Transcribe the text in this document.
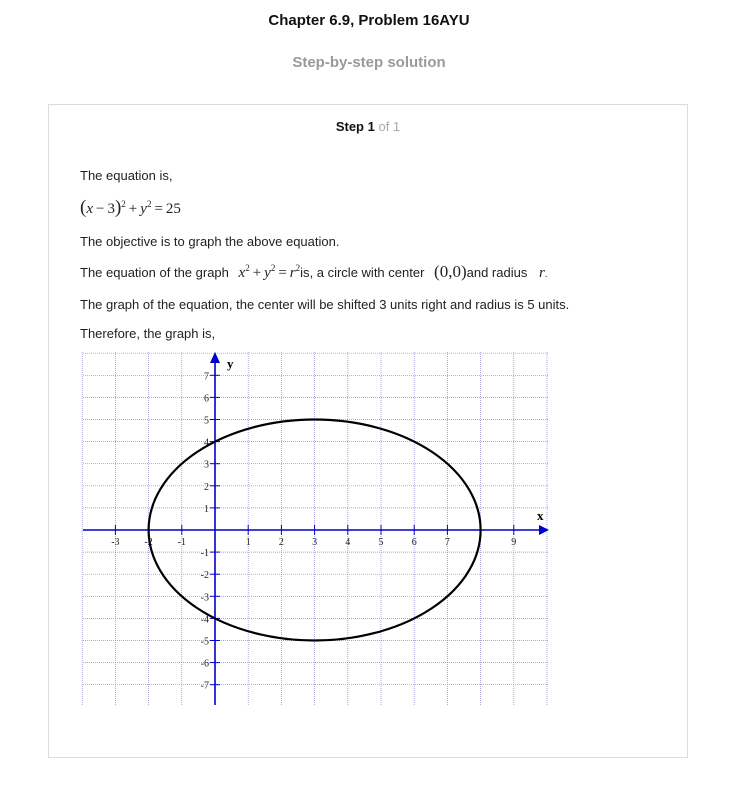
Chapter 6.9, Problem 16AYU
Step-by-step solution
Step 1 of 1
The equation is,
$(x - 3)^2 + y^2 = 25$
The objective is to graph the above equation.
The equation of the graph $x^2 + y^2 = r^2is$, a circle with center (0,0)and radius r.
The graph of the equation, the center will be shifted 3 units right and radius is 5 units.
Therefore, the graph is,
x
y
-3 -2 -1	1	2	3	4	5	6	7	9
7
6
5
4
3
2
1
-1
-2
-3
-4
-5
-6
-7
